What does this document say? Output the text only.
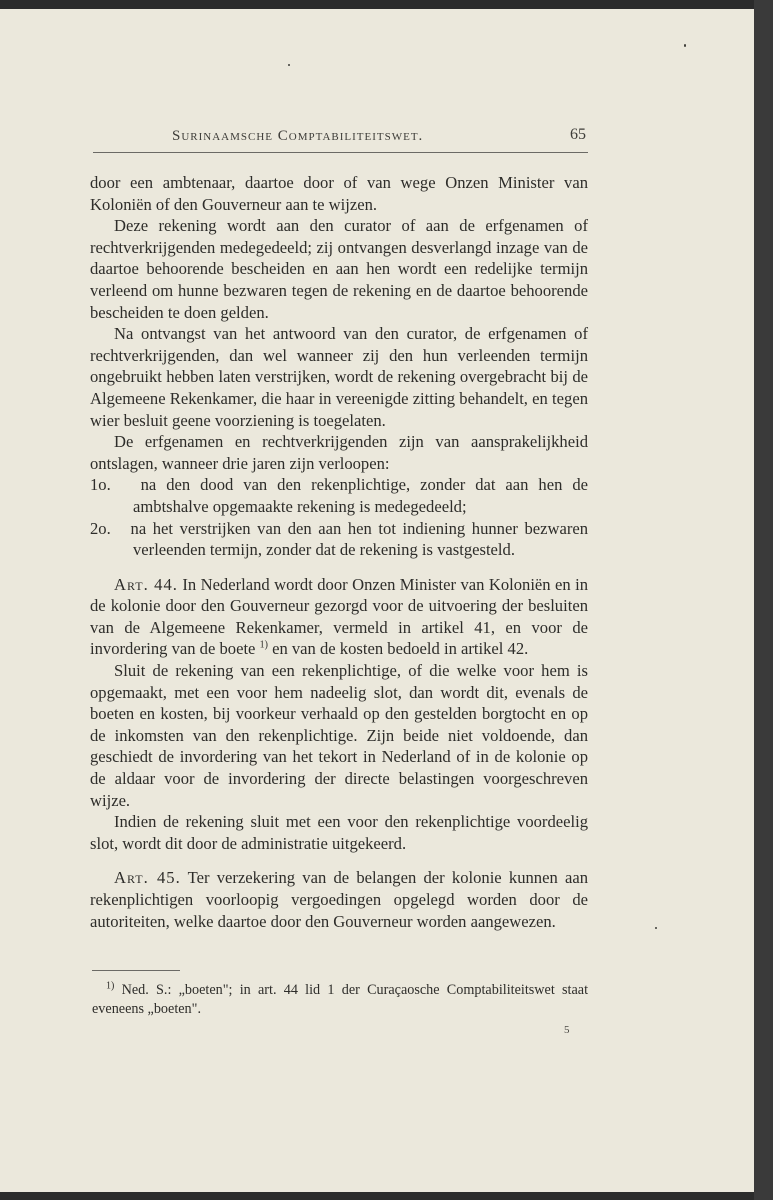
Surinaamsche Comptabiliteitswet.	65

door een ambtenaar, daartoe door of van wege Onzen Minister van Koloniën of den Gouverneur aan te wijzen.

Deze rekening wordt aan den curator of aan de erfgenamen of rechtverkrijgenden medegedeeld; zij ontvangen desverlangd inzage van de daartoe behoorende bescheiden en aan hen wordt een redelijke termijn verleend om hunne bezwaren tegen de rekening en de daartoe behoorende bescheiden te doen gelden.

Na ontvangst van het antwoord van den curator, de erfgenamen of rechtverkrijgenden, dan wel wanneer zij den hun verleenden termijn ongebruikt hebben laten verstrijken, wordt de rekening overgebracht bij de Algemeene Rekenkamer, die haar in vereenigde zitting behandelt, en tegen wier besluit geene voorziening is toegelaten.

De erfgenamen en rechtverkrijgenden zijn van aansprakelijkheid ontslagen, wanneer drie jaren zijn verloopen:

1o. na den dood van den rekenplichtige, zonder dat aan hen de ambtshalve opgemaakte rekening is medegedeeld;

2o. na het verstrijken van den aan hen tot indiening hunner bezwaren verleenden termijn, zonder dat de rekening is vastgesteld.

Art. 44. In Nederland wordt door Onzen Minister van Koloniën en in de kolonie door den Gouverneur gezorgd voor de uitvoering der besluiten van de Algemeene Rekenkamer, vermeld in artikel 41, en voor de invordering van de boete $^{1)}$ en van de kosten bedoeld in artikel 42.

Sluit de rekening van een rekenplichtige, of die welke voor hem is opgemaakt, met een voor hem nadeelig slot, dan wordt dit, evenals de boeten en kosten, bij voorkeur verhaald op den gestelden borgtocht en op de inkomsten van den rekenplichtige. Zijn beide niet voldoende, dan geschiedt de invordering van het tekort in Nederland of in de kolonie op de aldaar voor de invordering der directe belastingen voorgeschreven wijze.

Indien de rekening sluit met een voor den rekenplichtige voordeelig slot, wordt dit door de administratie uitgekeerd.

Art. 45. Ter verzekering van de belangen der kolonie kunnen aan rekenplichtigen voorloopig vergoedingen opgelegd worden door de autoriteiten, welke daartoe door den Gouverneur worden aangewezen.

$^{1)}$ Ned. S.: „boeten"; in art. 44 lid 1 der Curaçaosche Comptabiliteitswet staat eveneens „boeten".

5
